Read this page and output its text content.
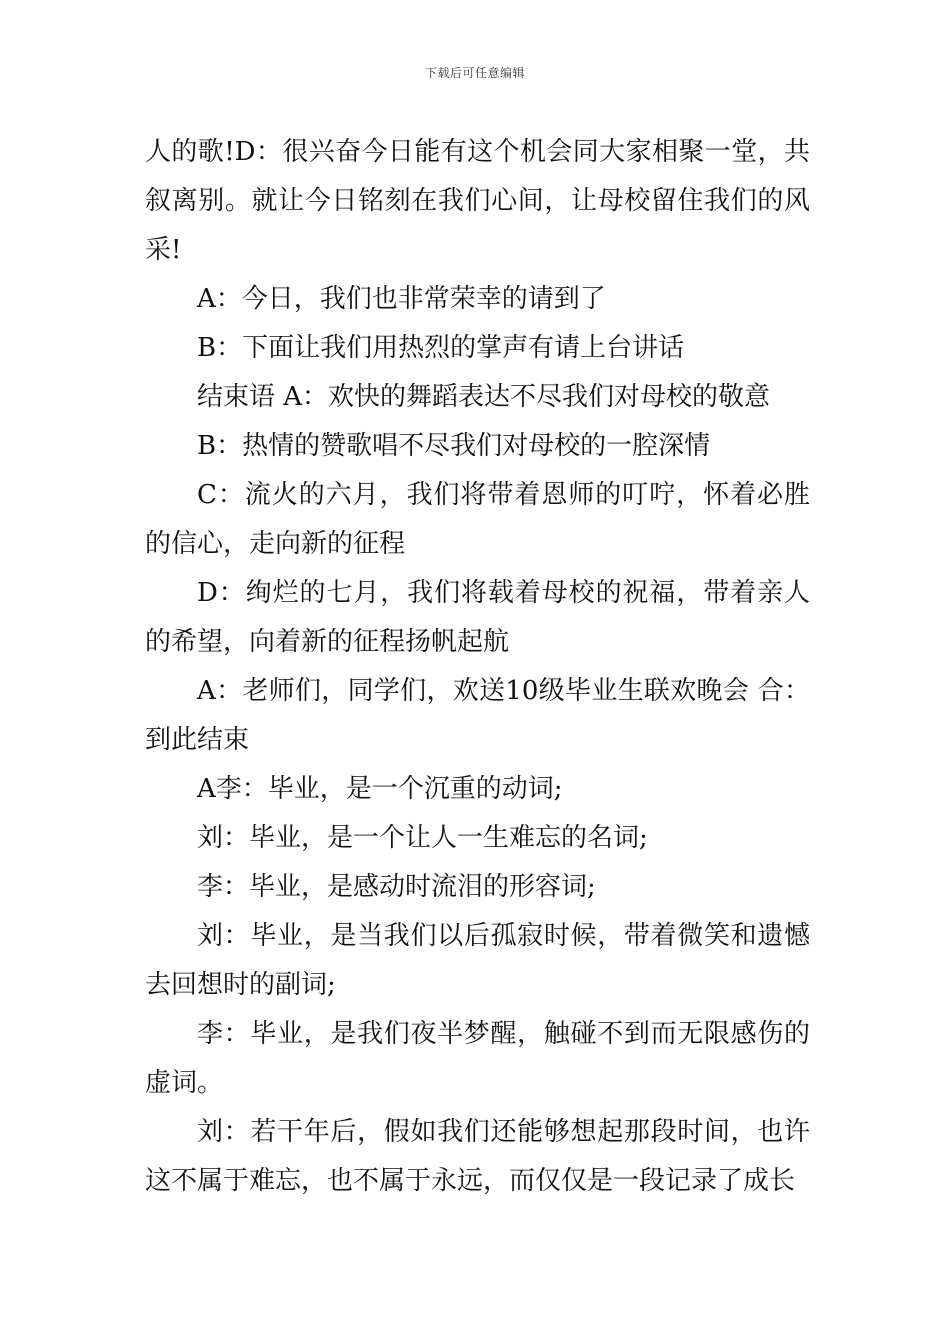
下载后可任意编辑

人的歌!D：很兴奋今日能有这个机会同大家相聚一堂，共叙离别。就让今日铭刻在我们心间，让母校留住我们的风采!

A：今日，我们也非常荣幸的请到了

B：下面让我们用热烈的掌声有请上台讲话

结束语 A：欢快的舞蹈表达不尽我们对母校的敬意

B：热情的赞歌唱不尽我们对母校的一腔深情

C：流火的六月，我们将带着恩师的叮咛，怀着必胜的信心，走向新的征程

D：绚烂的七月，我们将载着母校的祝福，带着亲人的希望，向着新的征程扬帆起航

A：老师们，同学们，欢送10级毕业生联欢晚会 合：到此结束

A李：毕业，是一个沉重的动词;

刘：毕业，是一个让人一生难忘的名词;

李：毕业，是感动时流泪的形容词;

刘：毕业，是当我们以后孤寂时候，带着微笑和遗憾去回想时的副词;

李：毕业，是我们夜半梦醒，触碰不到而无限感伤的虚词。

刘：若干年后，假如我们还能够想起那段时间，也许这不属于难忘，也不属于永远，而仅仅是一段记录了成长
